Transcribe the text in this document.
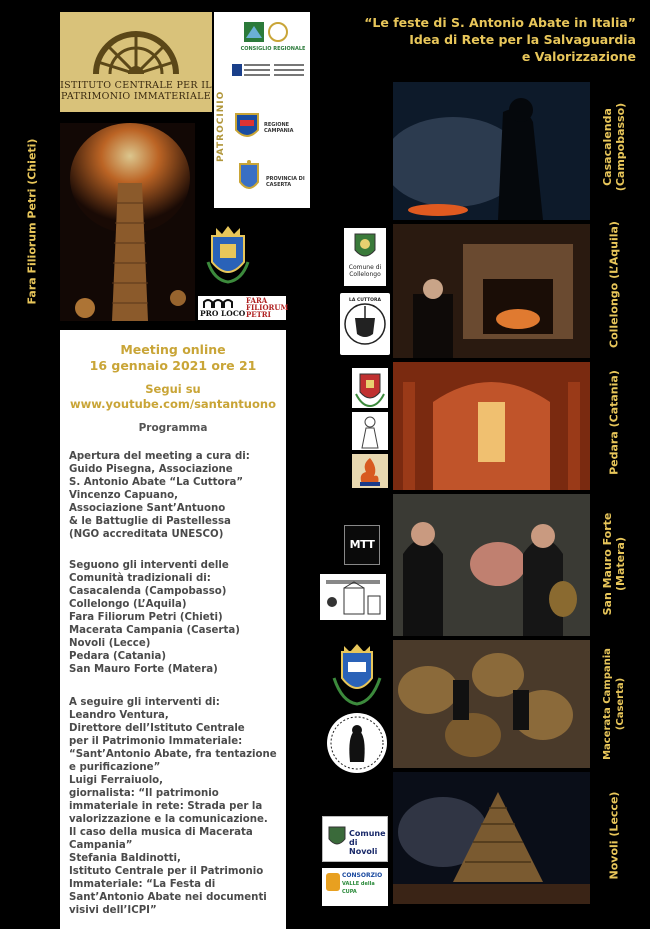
ISTITUTO CENTRALE PER IL
PATRIMONIO IMMATERIALE PATROCINIO
CONSIGLIO REGIONALE
REGIONE CAMPANIA
PROVINCIA DI CASERTA
“Le feste di S. Antonio Abate in Italia”
Idea di Rete per la Salvaguardia
e Valorizzazione
Fara Filiorum Petri (Chieti)
PRO LOCO
FARA
FILIORUM
PETRI
Meeting online
16 gennaio 2021 ore 21
Segui su
www.youtube.com/santantuono
Programma
Apertura del meeting a cura di:
Guido Pisegna, Associazione
S. Antonio Abate “La Cuttora”
Vincenzo Capuano,
Associazione Sant’Antuono
& le Battuglie di Pastellessa
(NGO accreditata UNESCO)
Seguono gli interventi delle
Comunità tradizionali di:
Casacalenda (Campobasso)
Collelongo (L’Aquila)
Fara Filiorum Petri (Chieti)
Macerata Campania (Caserta)
Novoli (Lecce)
Pedara (Catania)
San Mauro Forte (Matera)
A seguire gli interventi di:
Leandro Ventura,
Direttore dell’Istituto Centrale
per il Patrimonio Immateriale:
“Sant’Antonio Abate, fra tentazione
e purificazione”
Luigi Ferraiuolo,
giornalista: “Il patrimonio
immateriale in rete: Strada per la
valorizzazione e la comunicazione.
Il caso della musica di Macerata
Campania”
Stefania Baldinotti,
Istituto Centrale per il Patrimonio
Immateriale: “La Festa di
Sant’Antonio Abate nei documenti
visivi dell’ICPI”
Casacalenda (Campobasso)
Collelongo (L’Aquila)
Pedara (Catania)
San Mauro Forte (Matera)
Macerata Campania (Caserta)
Novoli (Lecce)
Comune di Collelongo
LA CUTTORA
MTT
Comune
di Novoli
CONSORZIO
VALLE della CUPA
